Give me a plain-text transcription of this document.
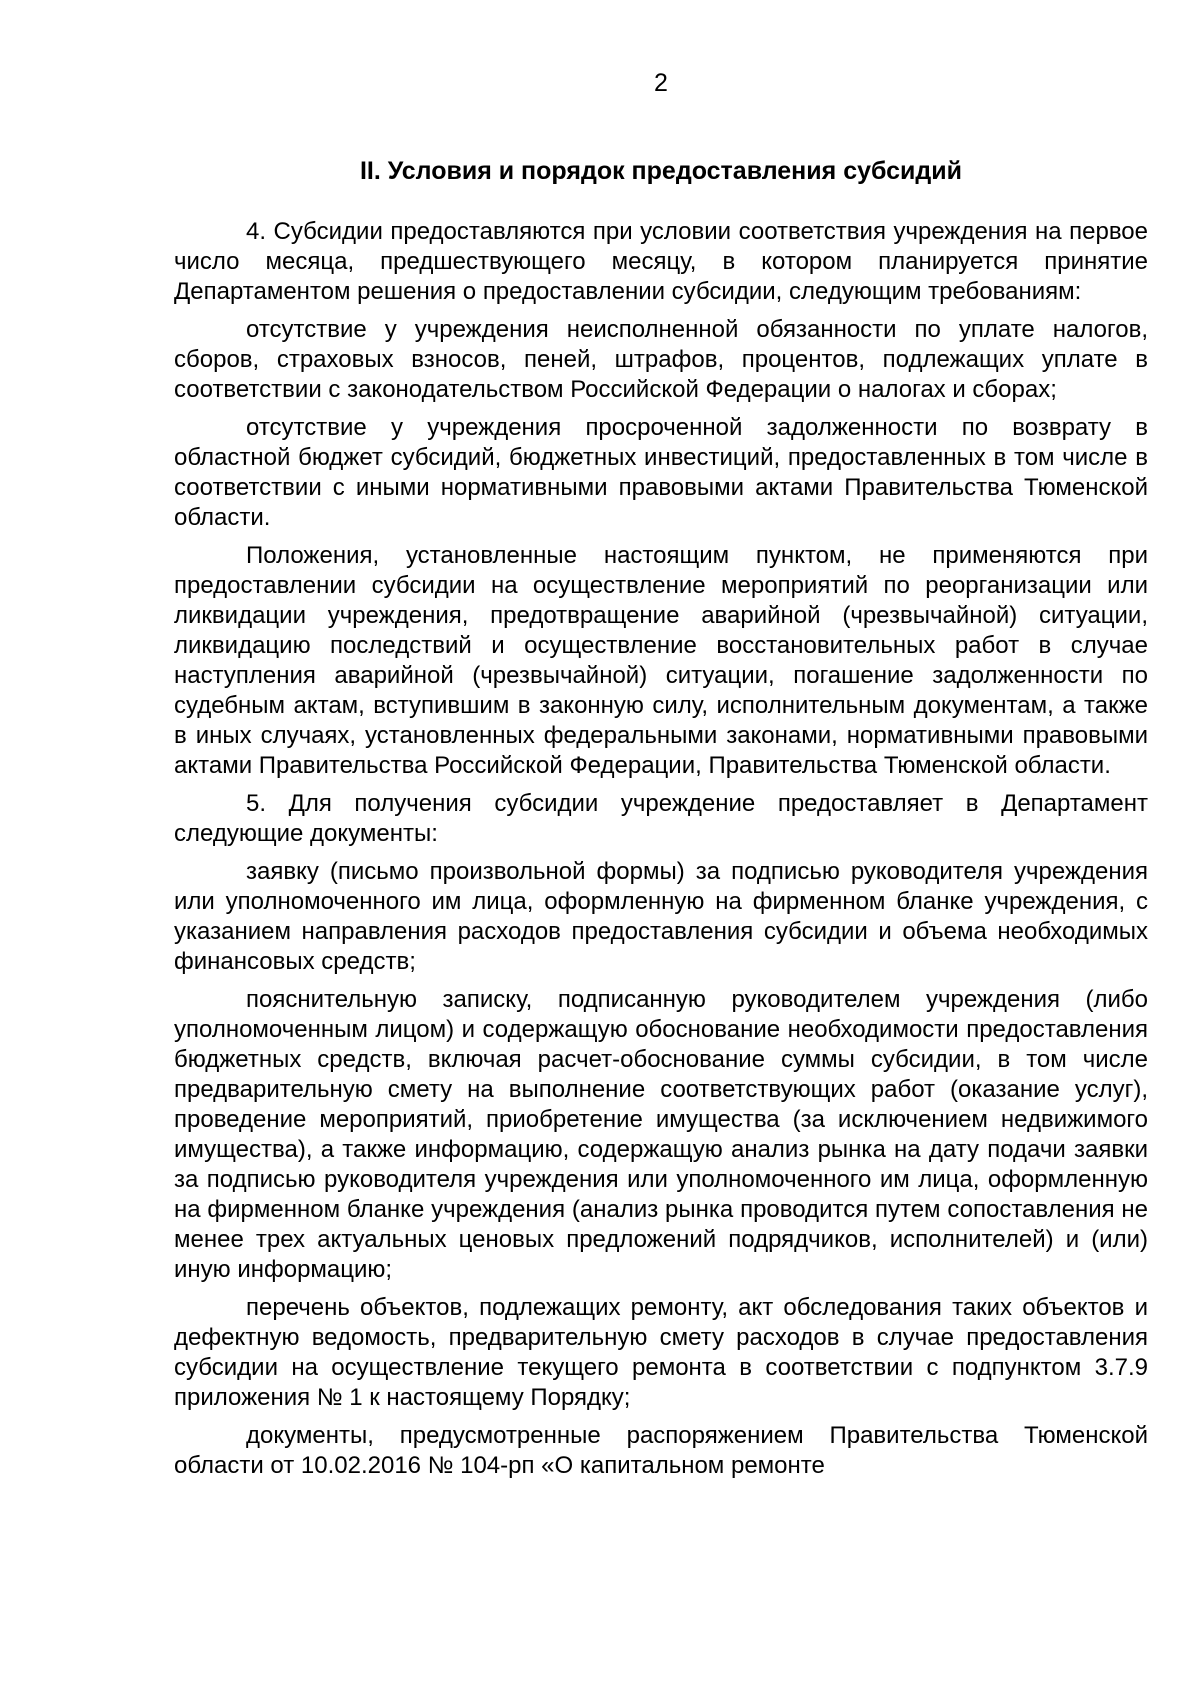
2
II. Условия и порядок предоставления субсидий

4. Субсидии предоставляются при условии соответствия учреждения на первое число месяца, предшествующего месяцу, в котором планируется принятие Департаментом решения о предоставлении субсидии, следующим требованиям:

отсутствие у учреждения неисполненной обязанности по уплате налогов, сборов, страховых взносов, пеней, штрафов, процентов, подлежащих уплате в соответствии с законодательством Российской Федерации о налогах и сборах;

отсутствие у учреждения просроченной задолженности по возврату в областной бюджет субсидий, бюджетных инвестиций, предоставленных в том числе в соответствии с иными нормативными правовыми актами Правительства Тюменской области.

Положения, установленные настоящим пунктом, не применяются при предоставлении субсидии на осуществление мероприятий по реорганизации или ликвидации учреждения, предотвращение аварийной (чрезвычайной) ситуации, ликвидацию последствий и осуществление восстановительных работ в случае наступления аварийной (чрезвычайной) ситуации, погашение задолженности по судебным актам, вступившим в законную силу, исполнительным документам, а также в иных случаях, установленных федеральными законами, нормативными правовыми актами Правительства Российской Федерации, Правительства Тюменской области.

5. Для получения субсидии учреждение предоставляет в Департамент следующие документы:

заявку (письмо произвольной формы) за подписью руководителя учреждения или уполномоченного им лица, оформленную на фирменном бланке учреждения, с указанием направления расходов предоставления субсидии и объема необходимых финансовых средств;

пояснительную записку, подписанную руководителем учреждения (либо уполномоченным лицом) и содержащую обоснование необходимости предоставления бюджетных средств, включая расчет-обоснование суммы субсидии, в том числе предварительную смету на выполнение соответствующих работ (оказание услуг), проведение мероприятий, приобретение имущества (за исключением недвижимого имущества), а также информацию, содержащую анализ рынка на дату подачи заявки за подписью руководителя учреждения или уполномоченного им лица, оформленную на фирменном бланке учреждения (анализ рынка проводится путем сопоставления не менее трех актуальных ценовых предложений подрядчиков, исполнителей) и (или) иную информацию;

перечень объектов, подлежащих ремонту, акт обследования таких объектов и дефектную ведомость, предварительную смету расходов в случае предоставления субсидии на осуществление текущего ремонта в соответствии с подпунктом 3.7.9 приложения № 1 к настоящему Порядку;

документы, предусмотренные распоряжением Правительства Тюменской области от 10.02.2016 № 104-рп «О капитальном ремонте
